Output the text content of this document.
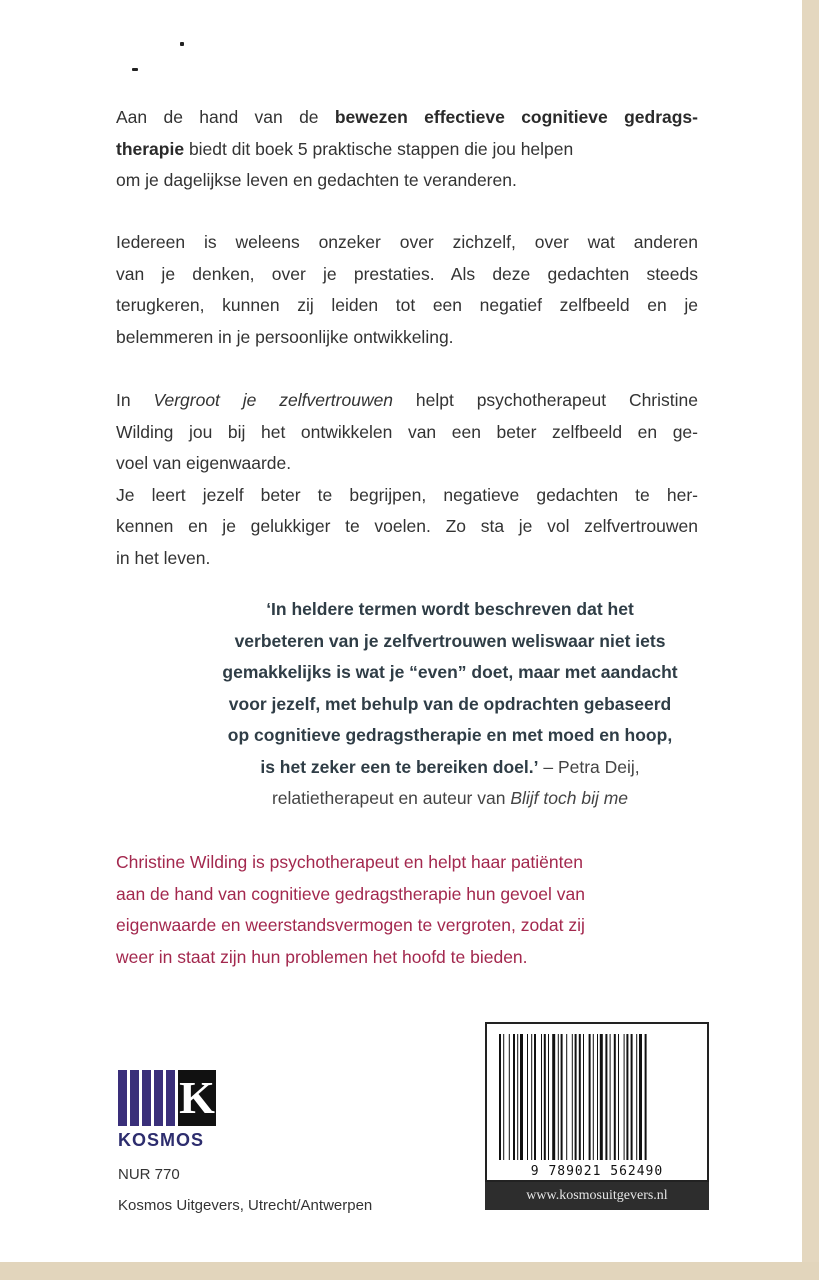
Aan de hand van de bewezen effectieve cognitieve gedrags-
therapie biedt dit boek 5 praktische stappen die jou helpen
om je dagelijkse leven en gedachten te veranderen.
Iedereen is weleens onzeker over zichzelf, over wat anderen
van je denken, over je prestaties. Als deze gedachten steeds
terugkeren, kunnen zij leiden tot een negatief zelfbeeld en je
belemmeren in je persoonlijke ontwikkeling.
In Vergroot je zelfvertrouwen helpt psychotherapeut Christine
Wilding jou bij het ontwikkelen van een beter zelfbeeld en ge-
voel van eigenwaarde.
Je leert jezelf beter te begrijpen, negatieve gedachten te her-
kennen en je gelukkiger te voelen. Zo sta je vol zelfvertrouwen
in het leven.
‘In heldere termen wordt beschreven dat het
verbeteren van je zelfvertrouwen weliswaar niet iets
gemakkelijks is wat je “even” doet, maar met aandacht
voor jezelf, met behulp van de opdrachten gebaseerd
op cognitieve gedragstherapie en met moed en hoop,
is het zeker een te bereiken doel.’ – Petra Deij,
relatietherapeut en auteur van Blijf toch bij me
Christine Wilding is psychotherapeut en helpt haar patiënten
aan de hand van cognitieve gedragstherapie hun gevoel van
eigenwaarde en weerstandsvermogen te vergroten, zodat zij
weer in staat zijn hun problemen het hoofd te bieden.
K
KOSMOS
NUR 770
Kosmos Uitgevers, Utrecht/Antwerpen
9 789021 562490
www.kosmosuitgevers.nl
